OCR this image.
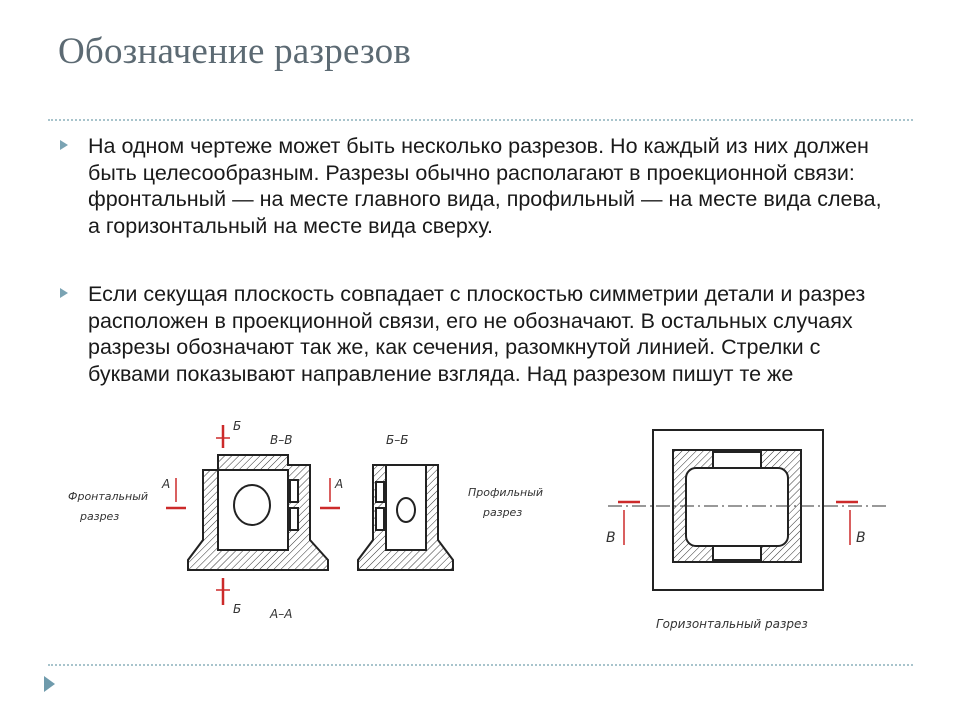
Обозначение разрезов

На одном чертеже может быть несколько разрезов. Но каждый из них должен быть целесообразным. Разрезы обычно располагают в проекционной связи: фронтальный — на месте главного вида, профильный — на месте вида слева, а горизонтальный на месте вида сверху.

Если секущая плоскость совпадает с плоскостью симметрии детали и разрез расположен в проекционной связи, его не обозначают. В остальных случаях разрезы обозначают так же, как сечения, разомкнутой линией. Стрелки с буквами показывают направление взгляда. Над разрезом пишут те же

Фронтальный
разрез
Б
В–В
А	А
Б А–А
Б–Б
Профильный
разрез
В	В
Горизонтальный разрез
